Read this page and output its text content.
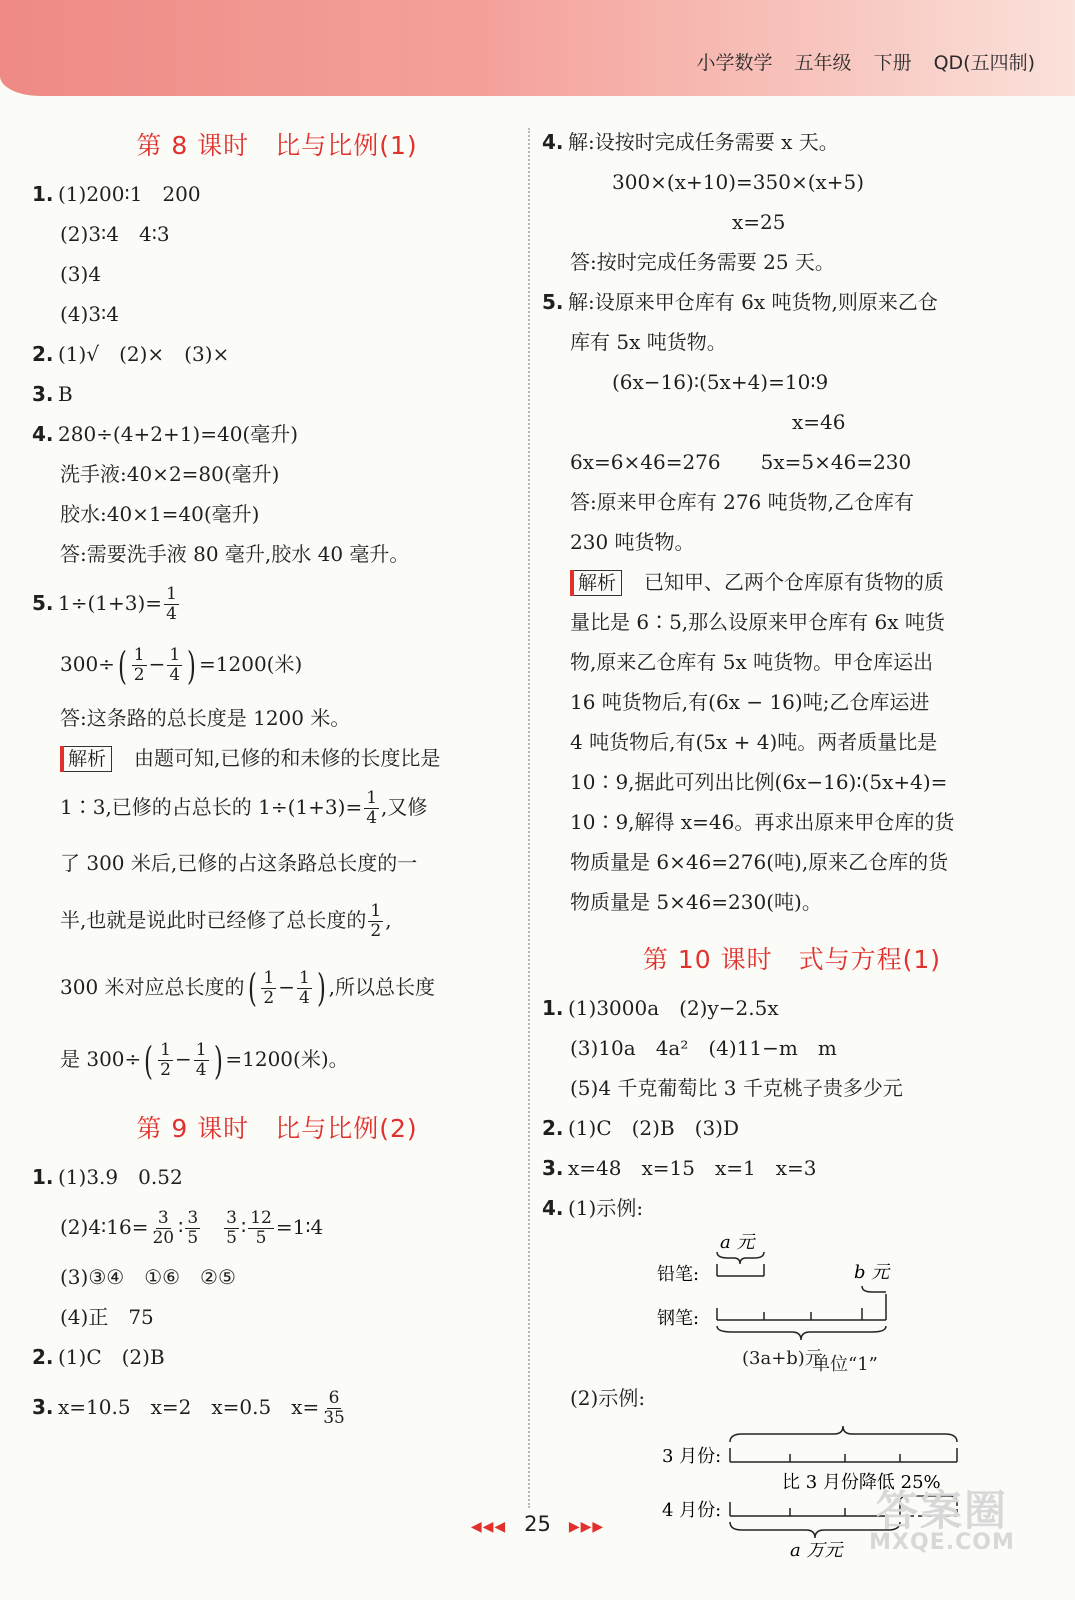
小学数学 五年级 下册 QD(五四制)
第 8 课时 比与比例(1)
1. (1)200∶1　200
(2)3∶4　4∶3
(3)4
(4)3∶4
2. (1)√　(2)×　(3)×
3. B
4. 280÷(4+2+1)=40(毫升)
洗手液:40×2=80(毫升)
胶水:40×1=40(毫升)
答:需要洗手液 80 毫升,胶水 40 毫升。
5. $1\div(1+3)= \frac{1}{4}$
$300\div( \frac{1}{2} - \frac{1}{4}$ ) =1200(米)
答:这条路的总长度是 1200 米。
解析 由题可知,已修的和未修的长度比是
1∶3,已修的占总长的 $1\div(1+3)= \frac{1}{4}$ ,又修
了 300 米后,已修的占这条路总长度的一
半,也就是说此时已经修了总长度的 $\frac{1}{2}$ ,
300 米对应总长度的( $\frac{1}{2} - \frac{1}{4}$ ) ,所以总长度
是 $300\div( \frac{1}{2} - \frac{1}{4}$ ) =1200(米)。
第 9 课时 比与比例(2)
1. (1)3.9　0.52
(2)4∶16= $\frac{3}{20}$ ∶ $\frac{3}{5}$
　 $\frac{3}{5}$ ∶ $\frac{12}{5}$ =1∶4
(3)③④　①⑥　②⑤
(4)正　75
2. (1)C　(2)B
3. x=10.5　x=2　x=0.5　$x= \frac{6}{35}$
4. 解:设按时完成任务需要 x 天。
300×(x+10)=350×(x+5)
x=25
答:按时完成任务需要 25 天。
5. 解:设原来甲仓库有 6x 吨货物,则原来乙仓
库有 5x 吨货物。
(6x−16)∶(5x+4)=10∶9
x=46
6x=6×46=276　　5x=5×46=230
答:原来甲仓库有 276 吨货物,乙仓库有
230 吨货物。
解析 已知甲、乙两个仓库原有货物的质
量比是 6∶5,那么设原来甲仓库有 6x 吨货
物,原来乙仓库有 5x 吨货物。甲仓库运出
16 吨货物后,有(6x − 16)吨;乙仓库运进
4 吨货物后,有(5x + 4)吨。两者质量比是
10∶9,据此可列出比例(6x−16)∶(5x+4)=
10∶9,解得 x=46。再求出原来甲仓库的货
物质量是 6×46=276(吨),原来乙仓库的货
物质量是 5×46=230(吨)。
第 10 课时 式与方程(1)
1. (1)3000a　(2)y−2.5x
(3)10a　4a²　(4)11−m　m
(5)4 千克葡萄比 3 千克桃子贵多少元
2. (1)C　(2)B　(3)D
3. x=48　x=15　x=1　x=3
4. (1)示例:
a 元
铅笔:	b 元
钢笔:
(3a+b)元
(2)示例:
3 月份:
比 3 月份降低 25%
4 月份:
a 万元
单位“1”
◀◀◀ 25 ▶▶▶	答案圈
MXQE.COM
